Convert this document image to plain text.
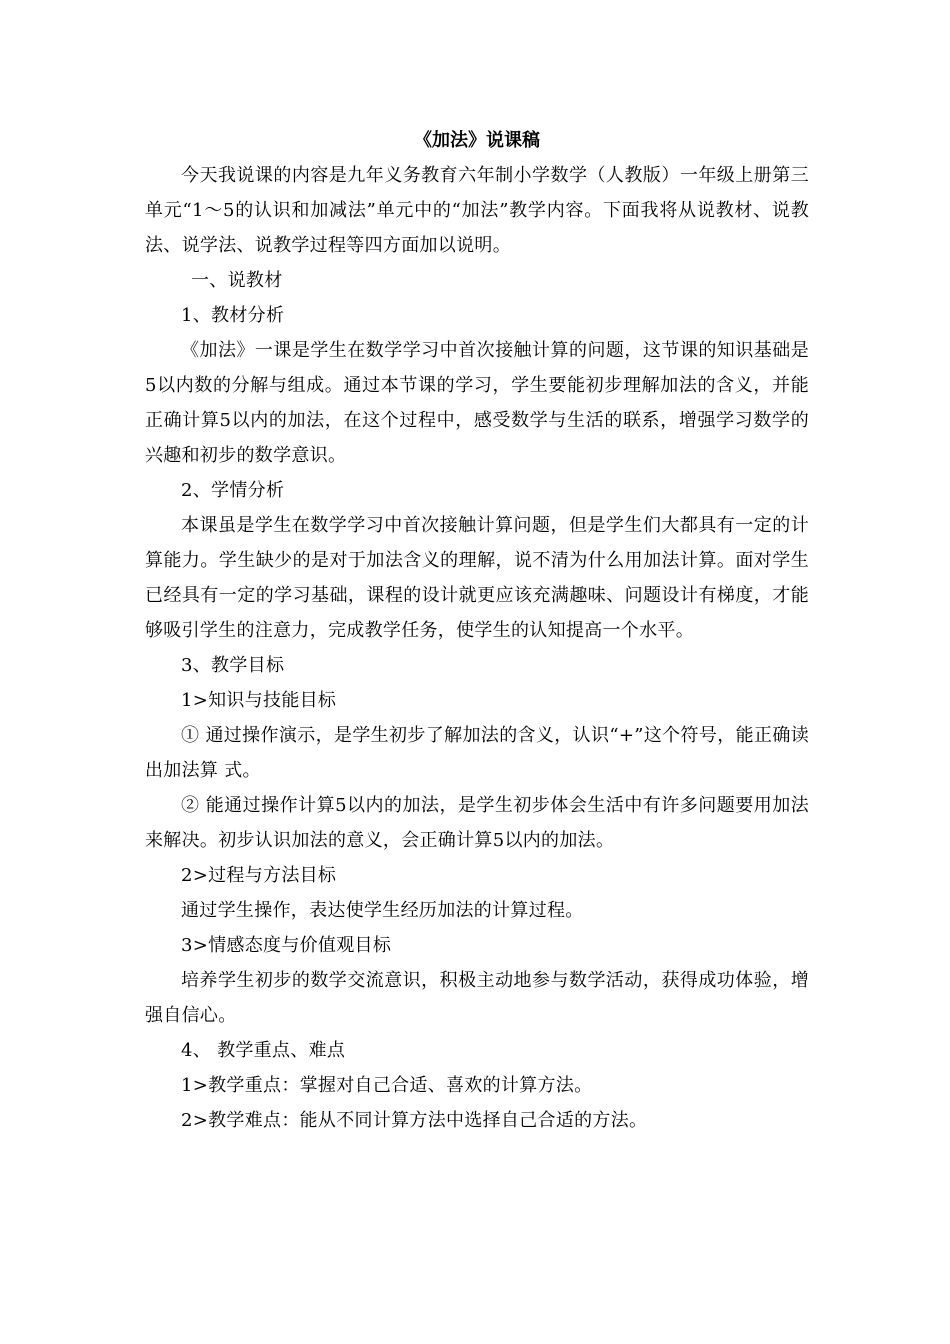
《加法》说课稿

今天我说课的内容是九年义务教育六年制小学数学（人教版）一年级上册第三单元“1～5的认识和加减法”单元中的“加法”教学内容。下面我将从说教材、说教法、说学法、说教学过程等四方面加以说明。

一、说教材

1、教材分析

《加法》一课是学生在数学学习中首次接触计算的问题，这节课的知识基础是5以内数的分解与组成。通过本节课的学习，学生要能初步理解加法的含义，并能正确计算5以内的加法，在这个过程中，感受数学与生活的联系，增强学习数学的兴趣和初步的数学意识。

2、学情分析

本课虽是学生在数学学习中首次接触计算问题，但是学生们大都具有一定的计算能力。学生缺少的是对于加法含义的理解，说不清为什么用加法计算。面对学生已经具有一定的学习基础，课程的设计就更应该充满趣味、问题设计有梯度，才能够吸引学生的注意力，完成教学任务，使学生的认知提高一个水平。

3、教学目标

1>知识与技能目标

① 通过操作演示，是学生初步了解加法的含义，认识“+”这个符号，能正确读出加法算 式。

② 能通过操作计算5以内的加法，是学生初步体会生活中有许多问题要用加法来解决。初步认识加法的意义，会正确计算5以内的加法。

2>过程与方法目标

通过学生操作，表达使学生经历加法的计算过程。

3>情感态度与价值观目标

培养学生初步的数学交流意识，积极主动地参与数学活动，获得成功体验，增强自信心。

4、 教学重点、难点

1>教学重点：掌握对自己合适、喜欢的计算方法。

2>教学难点：能从不同计算方法中选择自己合适的方法。
